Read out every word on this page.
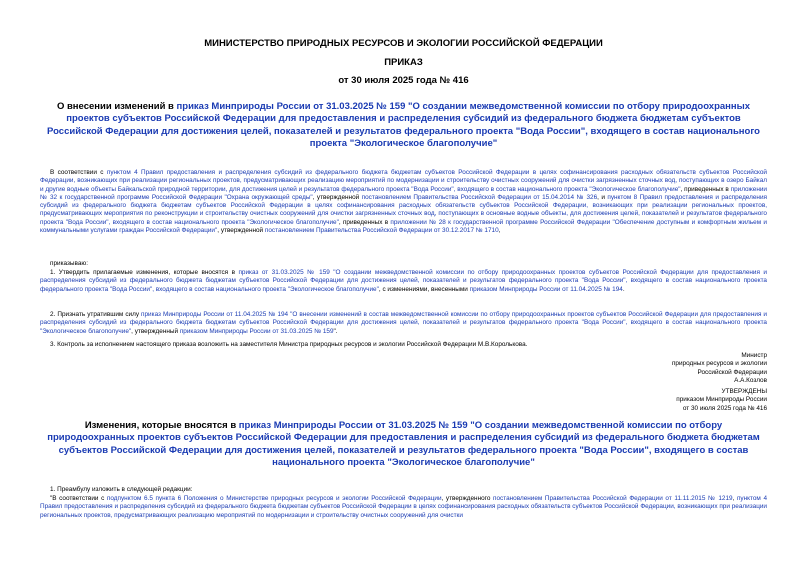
МИНИСТЕРСТВО ПРИРОДНЫХ РЕСУРСОВ И ЭКОЛОГИИ РОССИЙСКОЙ ФЕДЕРАЦИИ
ПРИКАЗ
от 30 июля 2025 года № 416
О внесении изменений в приказ Минприроды России от 31.03.2025 № 159 "О создании межведомственной комиссии по отбору природоохранных проектов субъектов Российской Федерации для предоставления и распределения субсидий из федерального бюджета бюджетам субъектов Российской Федерации для достижения целей, показателей и результатов федерального проекта "Вода России", входящего в состав национального проекта "Экологическое благополучие"
В соответствии с пунктом 4 Правил предоставления и распределения субсидий из федерального бюджета бюджетам субъектов Российской Федерации в целях софинансирования расходных обязательств субъектов Российской Федерации, возникающих при реализации региональных проектов, предусматривающих реализацию мероприятий по модернизации и строительству очистных сооружений для очистки загрязненных сточных вод, поступающих в озеро Байкал и другие водные объекты Байкальской природной территории, для достижения целей и результатов федерального проекта "Вода России", входящего в состав национального проекта "Экологическое благополучие", приведенных в приложении № 32 к государственной программе Российской Федерации "Охрана окружающей среды", утвержденной постановлением Правительства Российской Федерации от 15.04.2014 № 326, и пунктом 8 Правил предоставления и распределения субсидий из федерального бюджета бюджетам субъектов Российской Федерации в целях софинансирования расходных обязательств субъектов Российской Федерации, возникающих при реализации региональных проектов, предусматривающих мероприятия по реконструкции и строительству очистных сооружений для очистки загрязненных сточных вод, поступающих в основные водные объекты, для достижения целей, показателей и результатов федерального проекта "Вода России", входящего в состав национального проекта "Экологическое благополучие", приведенных в приложении № 28 к государственной программе Российской Федерации "Обеспечение доступным и комфортным жильем и коммунальными услугами граждан Российской Федерации", утвержденной постановлением Правительства Российской Федерации от 30.12.2017 № 1710,
приказываю:
1. Утвердить прилагаемые изменения, которые вносятся в приказ от 31.03.2025 № 159 "О создании межведомственной комиссии по отбору природоохранных проектов субъектов Российской Федерации для предоставления и распределения субсидий из федерального бюджета бюджетам субъектов Российской Федерации для достижения целей, показателей и результатов федерального проекта "Вода России", входящего в состав национального проекта федерального проекта "Вода России", входящего в состав национального проекта "Экологическое благополучие", с изменениями, внесенными приказом Минприроды России от 11.04.2025 № 194.
2. Признать утратившим силу приказ Минприроды России от 11.04.2025 № 194 "О внесении изменений в состав межведомственной комиссии по отбору природоохранных проектов субъектов Российской Федерации для предоставления и распределения субсидий из федерального бюджета бюджетам субъектов Российской Федерации для достижения целей, показателей и результатов федерального проекта "Вода России", входящего в состав национального проекта "Экологическое благополучие", утвержденный приказом Минприроды России от 31.03.2025 № 159".
3. Контроль за исполнением настоящего приказа возложить на заместителя Министра природных ресурсов и экологии Российской Федерации М.В.Королькова.
Министр
природных ресурсов и экологии
Российской Федерации
А.А.Козлов
УТВЕРЖДЕНЫ
приказом Минприроды России
от 30 июля 2025 года № 416
Изменения, которые вносятся в приказ Минприроды России от 31.03.2025 № 159 "О создании межведомственной комиссии по отбору природоохранных проектов субъектов Российской Федерации для предоставления и распределения субсидий из федерального бюджета бюджетам субъектов Российской Федерации для достижения целей, показателей и результатов федерального проекта "Вода России", входящего в состав национального проекта "Экологическое благополучие"
1. Преамбулу изложить в следующей редакции:
"В соответствии с подпунктом 6.5 пункта 6 Положения о Министерстве природных ресурсов и экологии Российской Федерации, утвержденного постановлением Правительства Российской Федерации от 11.11.2015 № 1219, пунктом 4 Правил предоставления и распределения субсидий из федерального бюджета бюджетам субъектов Российской Федерации в целях софинансирования расходных обязательств субъектов Российской Федерации, возникающих при реализации региональных проектов, предусматривающих реализацию мероприятий по модернизации и строительству очистных сооружений для очистки
